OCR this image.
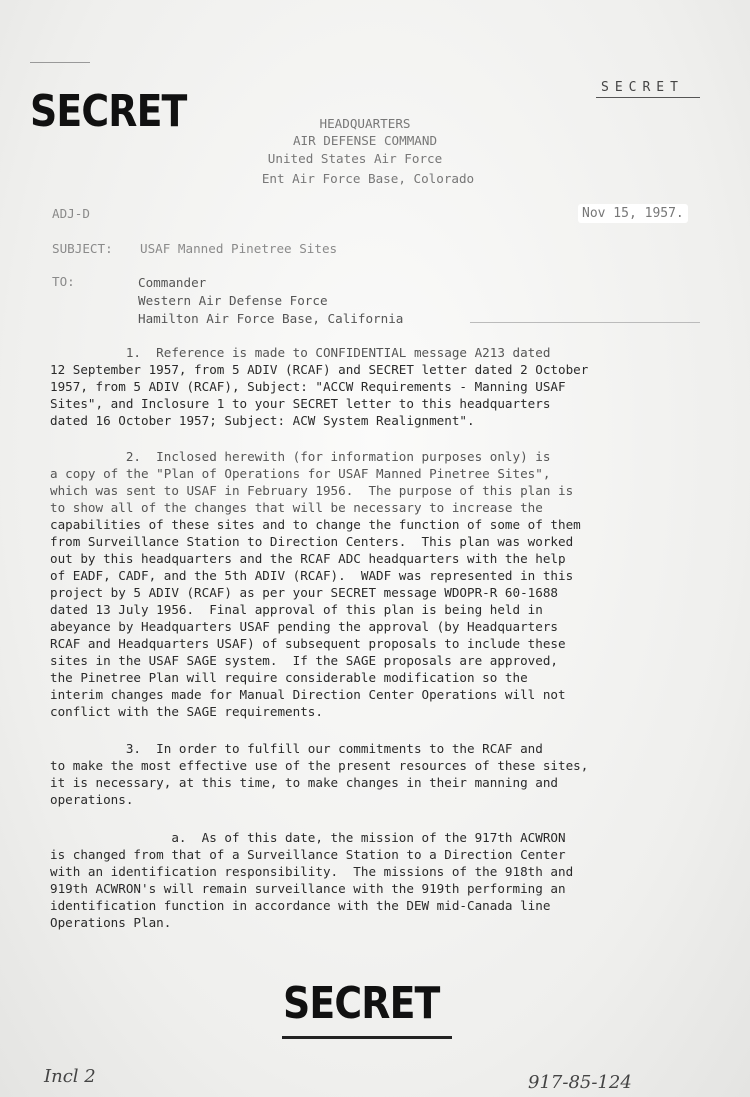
SECRET	SECRET
HEADQUARTERS
AIR DEFENSE COMMAND
United States Air Force
Ent Air Force Base, Colorado
ADJ-D	Nov 15, 1957.
SUBJECT: USAF Manned Pinetree Sites
TO:	Commander
Western Air Defense Force
Hamilton Air Force Base, California
1.  Reference is made to CONFIDENTIAL message A213 dated
12 September 1957, from 5 ADIV (RCAF) and SECRET letter dated 2 October
1957, from 5 ADIV (RCAF), Subject: "ACCW Requirements - Manning USAF
Sites", and Inclosure 1 to your SECRET letter to this headquarters
dated 16 October 1957; Subject: ACW System Realignment".
2.  Inclosed herewith (for information purposes only) is
a copy of the "Plan of Operations for USAF Manned Pinetree Sites",
which was sent to USAF in February 1956.  The purpose of this plan is
to show all of the changes that will be necessary to increase the
capabilities of these sites and to change the function of some of them
from Surveillance Station to Direction Centers.  This plan was worked
out by this headquarters and the RCAF ADC headquarters with the help
of EADF, CADF, and the 5th ADIV (RCAF).  WADF was represented in this
project by 5 ADIV (RCAF) as per your SECRET message WDOPR-R 60-1688
dated 13 July 1956.  Final approval of this plan is being held in
abeyance by Headquarters USAF pending the approval (by Headquarters
RCAF and Headquarters USAF) of subsequent proposals to include these
sites in the USAF SAGE system.  If the SAGE proposals are approved,
the Pinetree Plan will require considerable modification so the
interim changes made for Manual Direction Center Operations will not
conflict with the SAGE requirements.
3.  In order to fulfill our commitments to the RCAF and
to make the most effective use of the present resources of these sites,
it is necessary, at this time, to make changes in their manning and
operations.
a.  As of this date, the mission of the 917th ACWRON
is changed from that of a Surveillance Station to a Direction Center
with an identification responsibility.  The missions of the 918th and
919th ACWRON's will remain surveillance with the 919th performing an
identification function in accordance with the DEW mid-Canada line
Operations Plan.
SECRET
Incl 2	917-85-124
